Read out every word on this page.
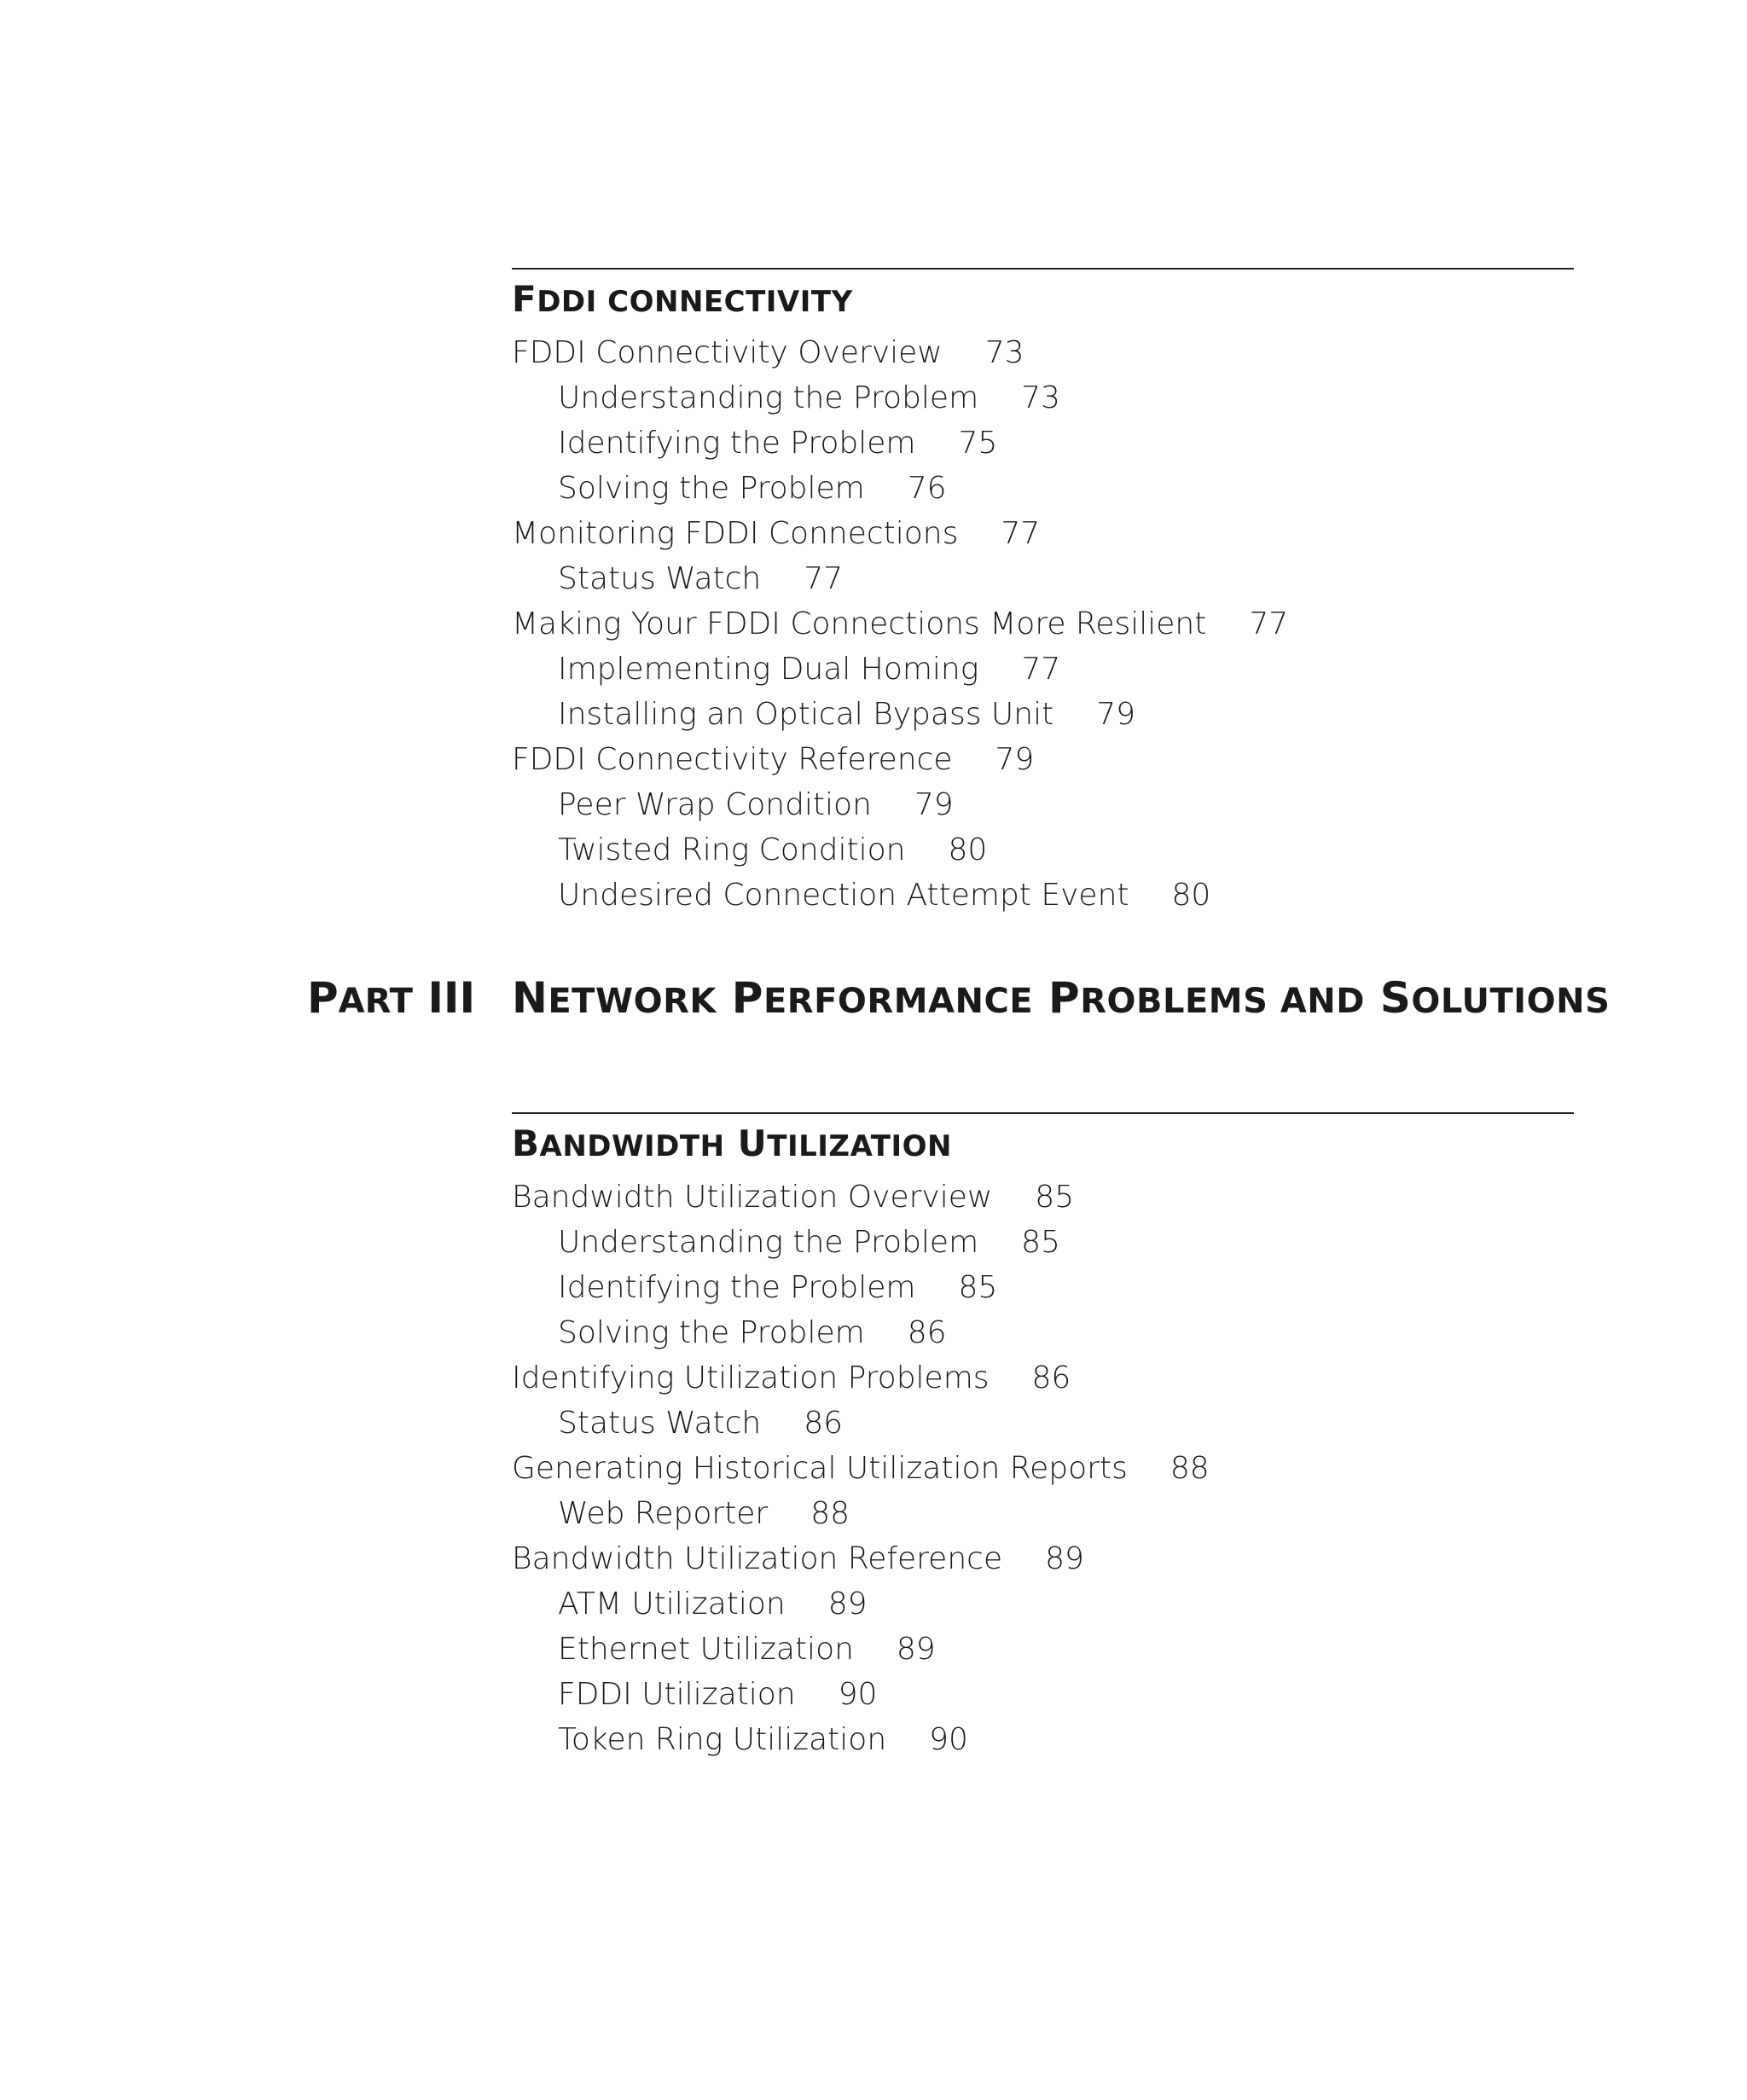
FDDI CONNECTIVITY
FDDI Connectivity Overview 73
Understanding the Problem 73
Identifying the Problem 75
Solving the Problem 76
Monitoring FDDI Connections 77
Status Watch 77
Making Your FDDI Connections More Resilient 77
Implementing Dual Homing 77
Installing an Optical Bypass Unit 79
FDDI Connectivity Reference 79
Peer Wrap Condition 79
Twisted Ring Condition 80
Undesired Connection Attempt Event 80
PART III NETWORK PERFORMANCE PROBLEMS AND SOLUTIONS
BANDWIDTH UTILIZATION
Bandwidth Utilization Overview 85
Understanding the Problem 85
Identifying the Problem 85
Solving the Problem 86
Identifying Utilization Problems 86
Status Watch 86
Generating Historical Utilization Reports 88
Web Reporter 88
Bandwidth Utilization Reference 89
ATM Utilization 89
Ethernet Utilization 89
FDDI Utilization 90
Token Ring Utilization 90
